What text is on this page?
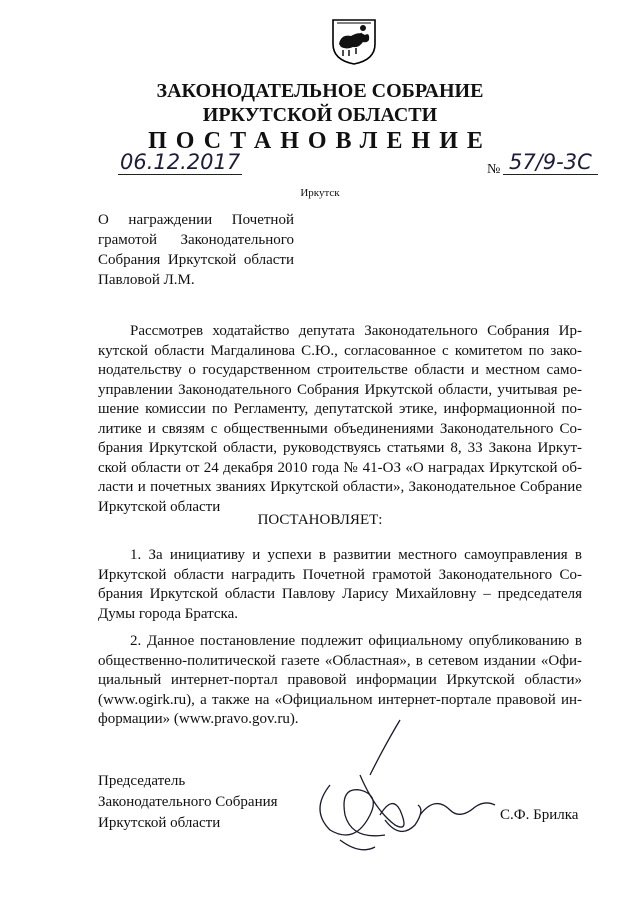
ЗАКОНОДАТЕЛЬНОЕ СОБРАНИЕ
ИРКУТСКОЙ ОБЛАСТИ
ПОСТАНОВЛЕНИЕ
06.12.2017	№ 57/9-3С
Иркутск
О награждении Почетной
грамотой Законодательного
Собрания Иркутской области
Павловой Л.М.
Рассмотрев ходатайство депутата Законодательного Собрания Ир-
кутской области Магдалинова С.Ю., согласованное с комитетом по зако-
нодательству о государственном строительстве области и местном само-
управлении Законодательного Собрания Иркутской области, учитывая ре-
шение комиссии по Регламенту, депутатской этике, информационной по-
литике и связям с общественными объединениями Законодательного Со-
брания Иркутской области, руководствуясь статьями 8, 33 Закона Иркут-
ской области от 24 декабря 2010 года № 41-ОЗ «О наградах Иркутской об-
ласти и почетных званиях Иркутской области», Законодательное Собрание
Иркутской области
ПОСТАНОВЛЯЕТ:
1. За инициативу и успехи в развитии местного самоуправления в
Иркутской области наградить Почетной грамотой Законодательного Со-
брания Иркутской области Павлову Ларису Михайловну – председателя
Думы города Братска.
2. Данное постановление подлежит официальному опубликованию в
общественно-политической газете «Областная», в сетевом издании «Офи-
циальный интернет-портал правовой информации Иркутской области»
(www.ogirk.ru), а также на «Официальном интернет-портале правовой ин-
формации» (www.pravo.gov.ru).
Председатель
Законодательного Собрания
Иркутской области	С.Ф. Брилка
